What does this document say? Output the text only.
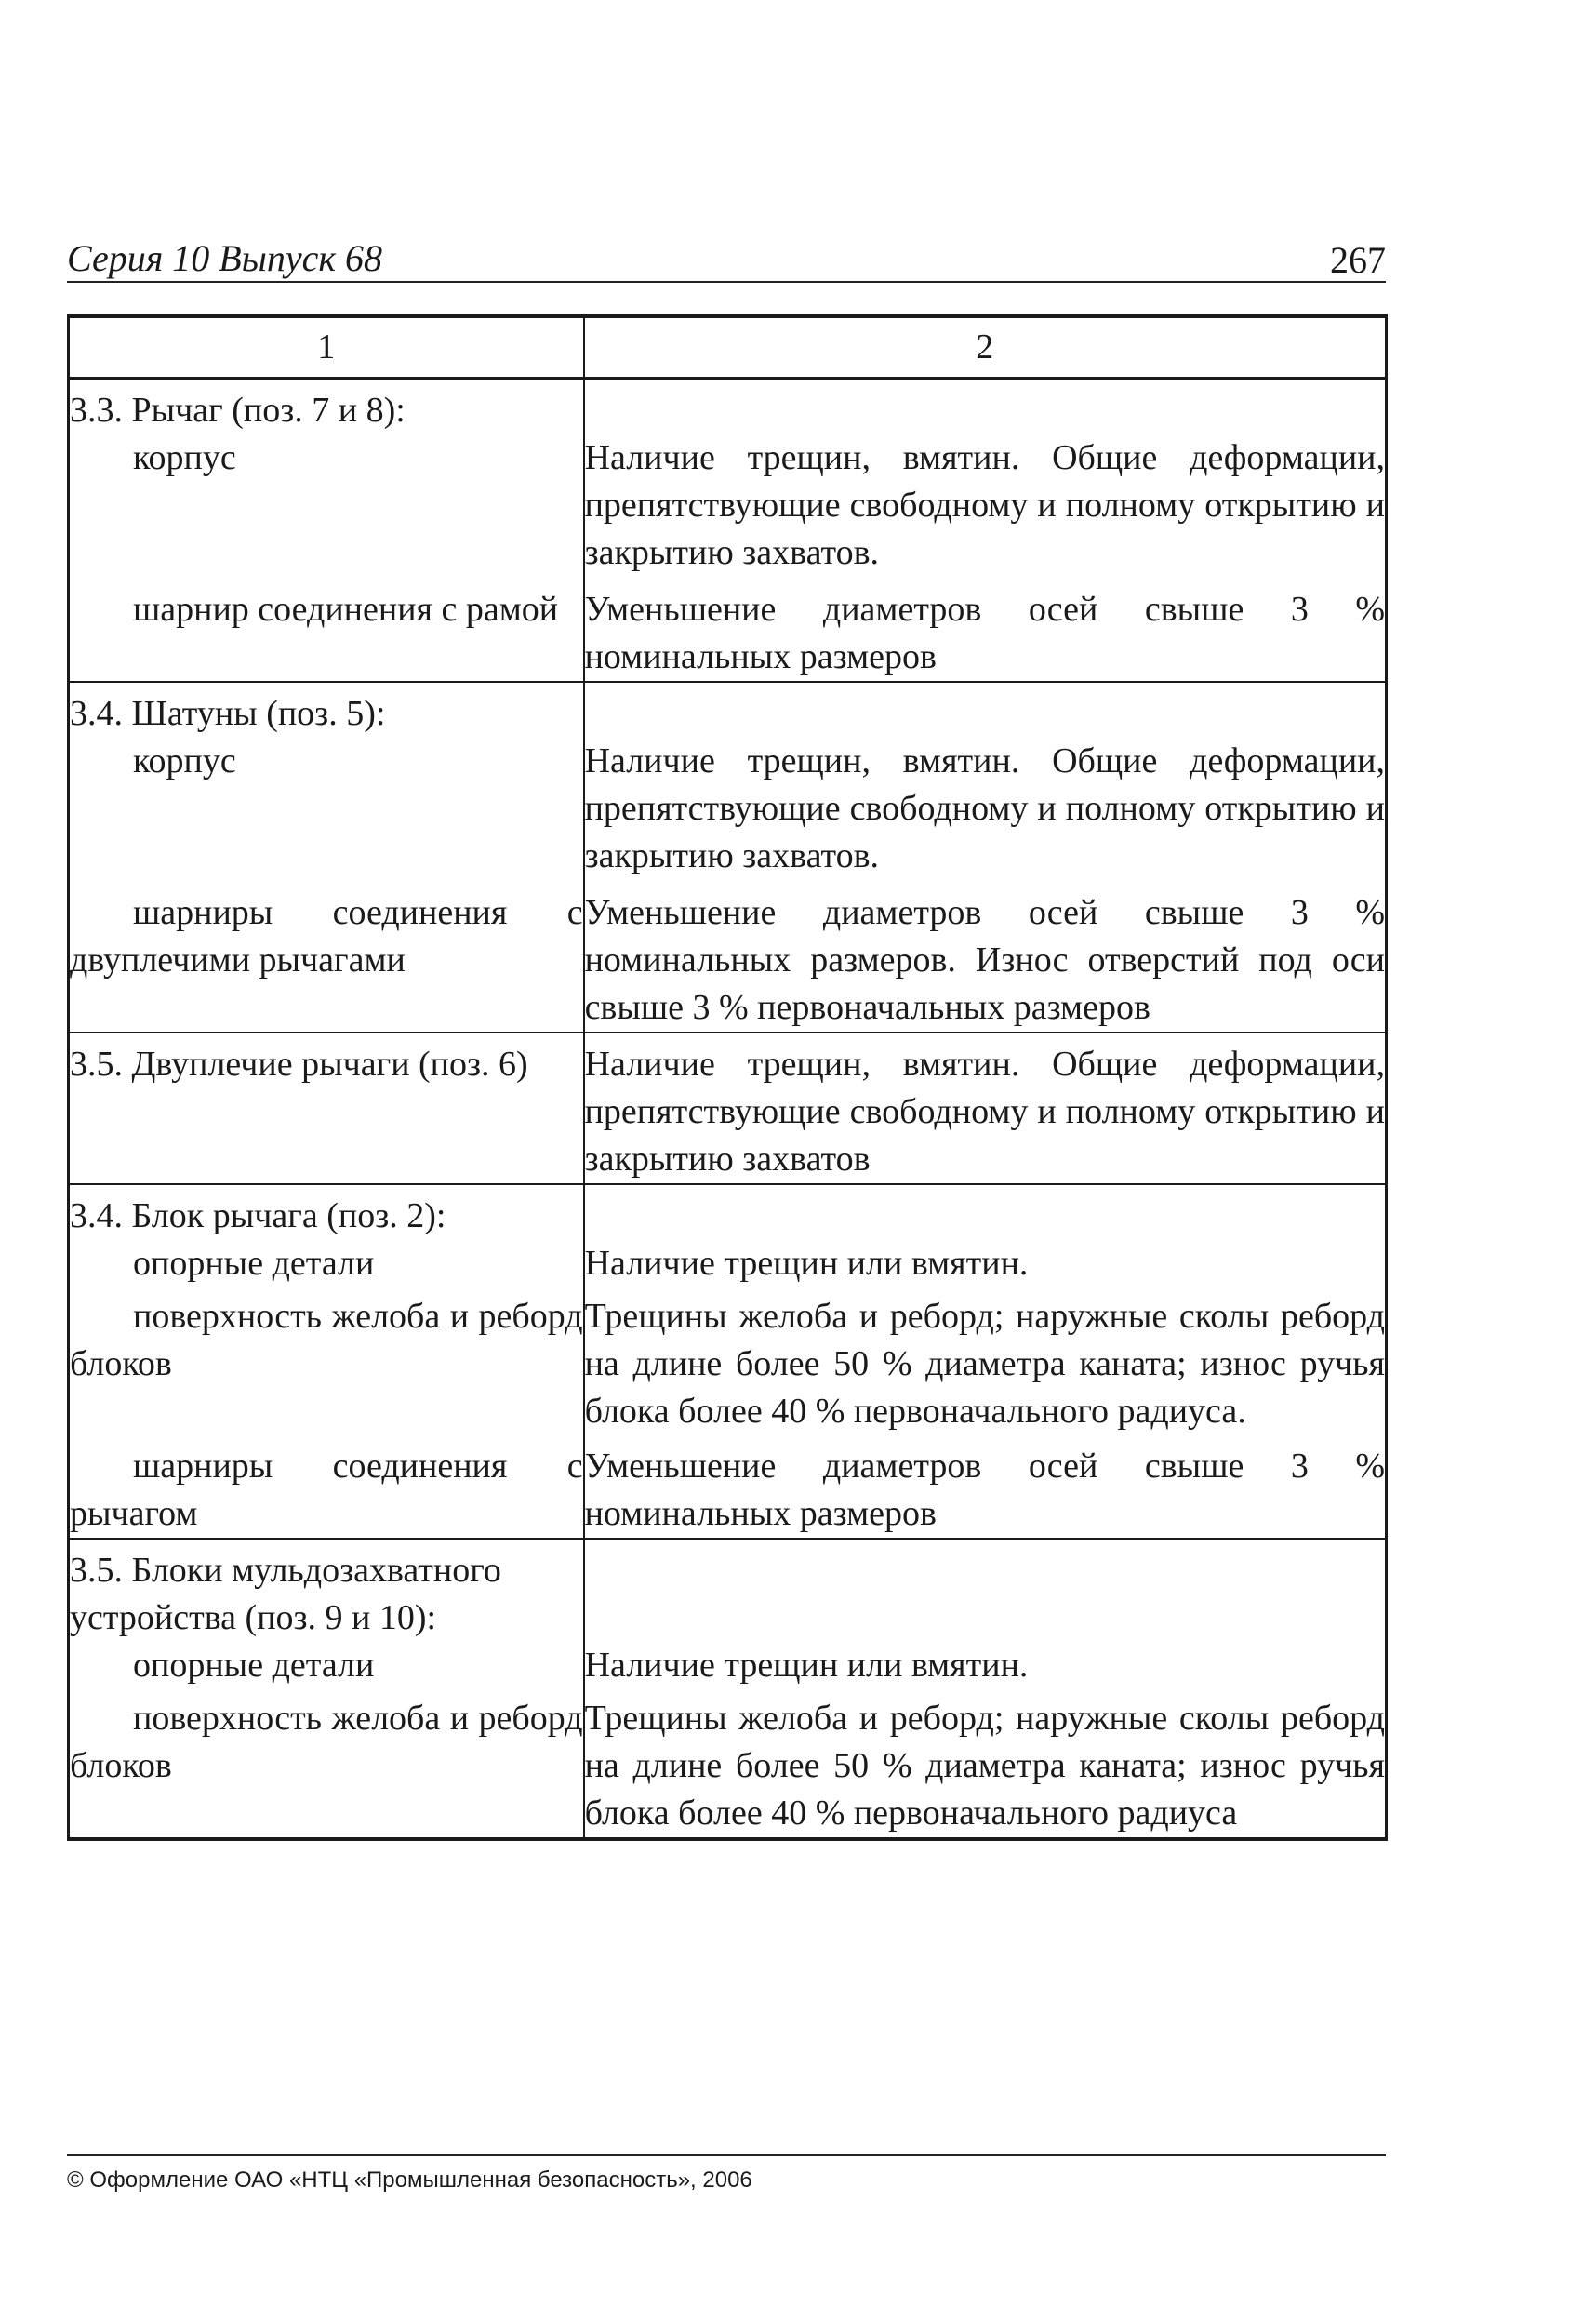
Серия 10 Выпуск 68	267
1	2
3.3. Рычаг (поз. 7 и 8):	

корпус	Наличие трещин, вмятин. Общие деформации, препятствующие свободному и полному открытию и закрытию захватов.
шарнир соединения с рамой	Уменьшение диаметров осей свыше 3 % номинальных размеров
3.4. Шатуны (поз. 5):	

корпус	Наличие трещин, вмятин. Общие деформации, препятствующие свободному и полному открытию и закрытию захватов.
шарниры соединения с двуплечими рычагами	Уменьшение диаметров осей свыше 3 % номинальных размеров. Износ отверстий под оси свыше 3 % первоначальных размеров
3.5. Двуплечие рычаги (поз. 6)	Наличие трещин, вмятин. Общие деформации, препятствующие свободному и полному открытию и закрытию захватов
3.4. Блок рычага (поз. 2):	

опорные детали	Наличие трещин или вмятин.
поверхность желоба и реборд блоков	Трещины желоба и реборд; наружные сколы реборд на длине более 50 % диаметра каната; износ ручья блока более 40 % первоначального радиуса.
шарниры соединения с рычагом	Уменьшение диаметров осей свыше 3 % номинальных размеров
3.5. Блоки мульдозахватного устройства (поз. 9 и 10):	

опорные детали	Наличие трещин или вмятин.
поверхность желоба и реборд блоков	Трещины желоба и реборд; наружные сколы реборд на длине более 50 % диаметра каната; износ ручья блока более 40 % первоначального радиуса
© Оформление ОАО «НТЦ «Промышленная безопасность», 2006
